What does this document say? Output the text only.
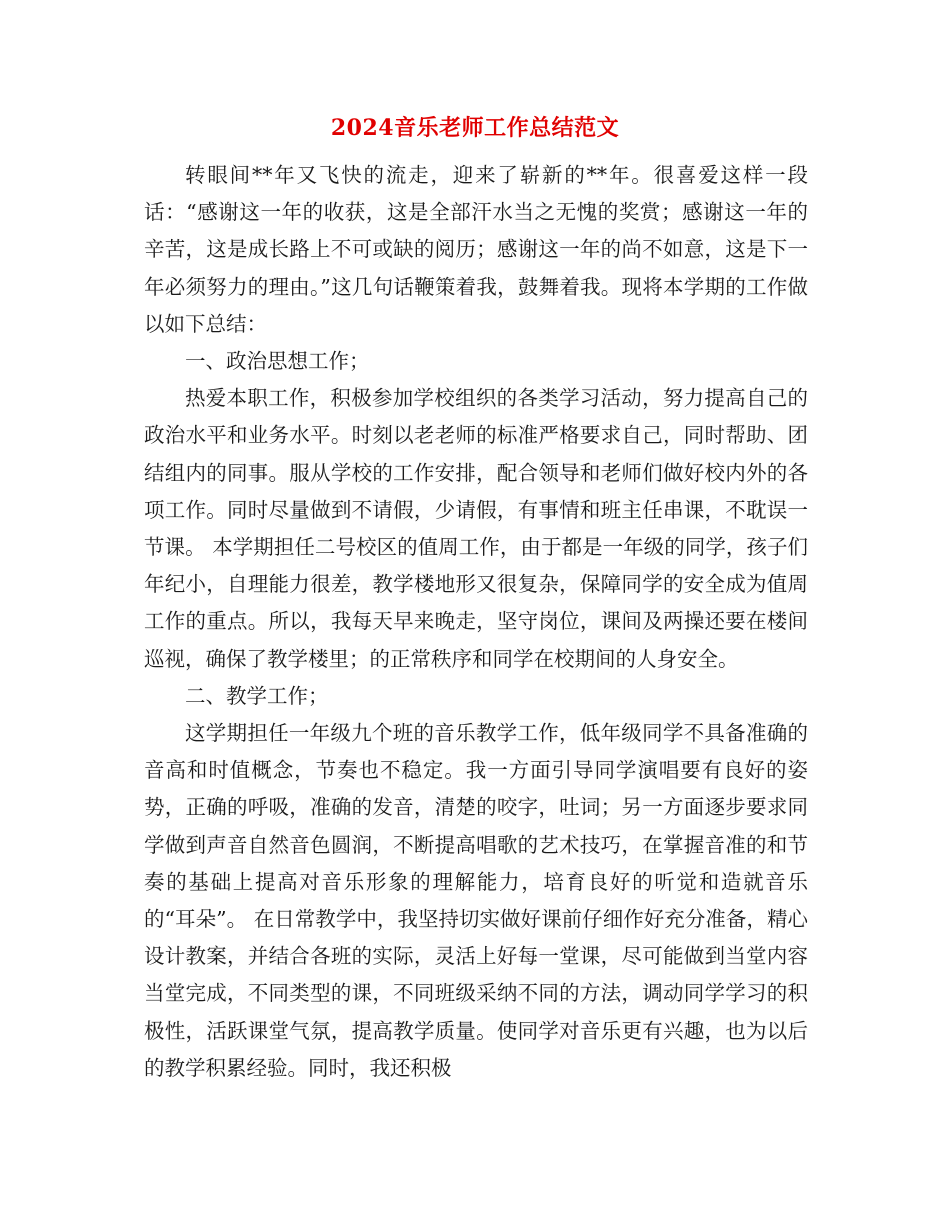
2024音乐老师工作总结范文

转眼间**年又飞快的流走，迎来了崭新的**年。很喜爱这样一段话：“感谢这一年的收获，这是全部汗水当之无愧的奖赏；感谢这一年的辛苦，这是成长路上不可或缺的阅历；感谢这一年的尚不如意，这是下一年必须努力的理由。”这几句话鞭策着我，鼓舞着我。现将本学期的工作做以如下总结：

一、政治思想工作；

热爱本职工作，积极参加学校组织的各类学习活动，努力提高自己的政治水平和业务水平。时刻以老老师的标准严格要求自己，同时帮助、团结组内的同事。服从学校的工作安排，配合领导和老师们做好校内外的各项工作。同时尽量做到不请假，少请假，有事情和班主任串课，不耽误一节课。 本学期担任二号校区的值周工作，由于都是一年级的同学，孩子们年纪小，自理能力很差，教学楼地形又很复杂，保障同学的安全成为值周工作的重点。所以，我每天早来晚走，坚守岗位，课间及两操还要在楼间巡视，确保了教学楼里；的正常秩序和同学在校期间的人身安全。

二、教学工作；

这学期担任一年级九个班的音乐教学工作，低年级同学不具备准确的音高和时值概念，节奏也不稳定。我一方面引导同学演唱要有良好的姿势，正确的呼吸，准确的发音，清楚的咬字，吐词；另一方面逐步要求同学做到声音自然音色圆润，不断提高唱歌的艺术技巧，在掌握音准的和节奏的基础上提高对音乐形象的理解能力，培育良好的听觉和造就音乐的“耳朵”。 在日常教学中，我坚持切实做好课前仔细作好充分准备，精心设计教案，并结合各班的实际，灵活上好每一堂课，尽可能做到当堂内容当堂完成，不同类型的课，不同班级采纳不同的方法，调动同学学习的积极性，活跃课堂气氛，提高教学质量。使同学对音乐更有兴趣，也为以后的教学积累经验。同时，我还积极
